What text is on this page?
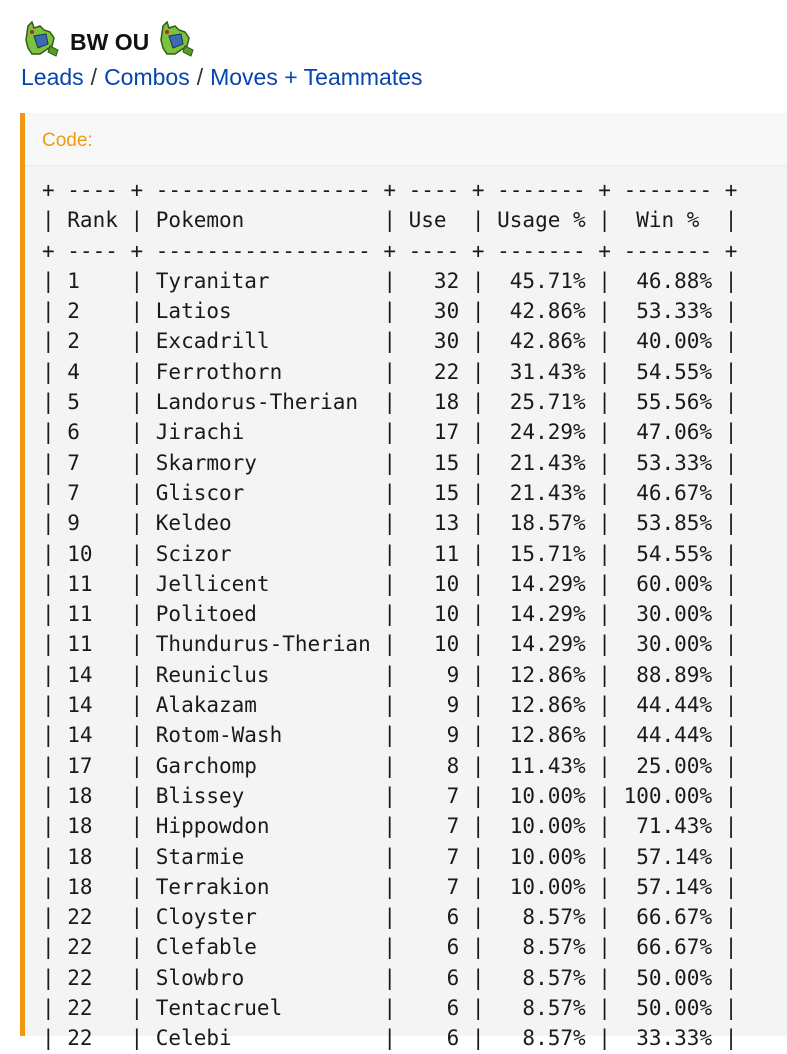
BW OU
Leads / Combos / Moves + Teammates
Code:
+ ---- + ----------------- + ---- + ------- + ------- +
| Rank | Pokemon           | Use  | Usage % |  Win %  |
+ ---- + ----------------- + ---- + ------- + ------- +
| 1    | Tyranitar         |   32 |  45.71% |  46.88% |
| 2    | Latios            |   30 |  42.86% |  53.33% |
| 2    | Excadrill         |   30 |  42.86% |  40.00% |
| 4    | Ferrothorn        |   22 |  31.43% |  54.55% |
| 5    | Landorus-Therian  |   18 |  25.71% |  55.56% |
| 6    | Jirachi           |   17 |  24.29% |  47.06% |
| 7    | Skarmory          |   15 |  21.43% |  53.33% |
| 7    | Gliscor           |   15 |  21.43% |  46.67% |
| 9    | Keldeo            |   13 |  18.57% |  53.85% |
| 10   | Scizor            |   11 |  15.71% |  54.55% |
| 11   | Jellicent         |   10 |  14.29% |  60.00% |
| 11   | Politoed          |   10 |  14.29% |  30.00% |
| 11   | Thundurus-Therian |   10 |  14.29% |  30.00% |
| 14   | Reuniclus         |    9 |  12.86% |  88.89% |
| 14   | Alakazam          |    9 |  12.86% |  44.44% |
| 14   | Rotom-Wash        |    9 |  12.86% |  44.44% |
| 17   | Garchomp          |    8 |  11.43% |  25.00% |
| 18   | Blissey           |    7 |  10.00% | 100.00% |
| 18   | Hippowdon         |    7 |  10.00% |  71.43% |
| 18   | Starmie           |    7 |  10.00% |  57.14% |
| 18   | Terrakion         |    7 |  10.00% |  57.14% |
| 22   | Cloyster          |    6 |   8.57% |  66.67% |
| 22   | Clefable          |    6 |   8.57% |  66.67% |
| 22   | Slowbro           |    6 |   8.57% |  50.00% |
| 22   | Tentacruel        |    6 |   8.57% |  50.00% |
| 22   | Celebi            |    6 |   8.57% |  33.33% |
